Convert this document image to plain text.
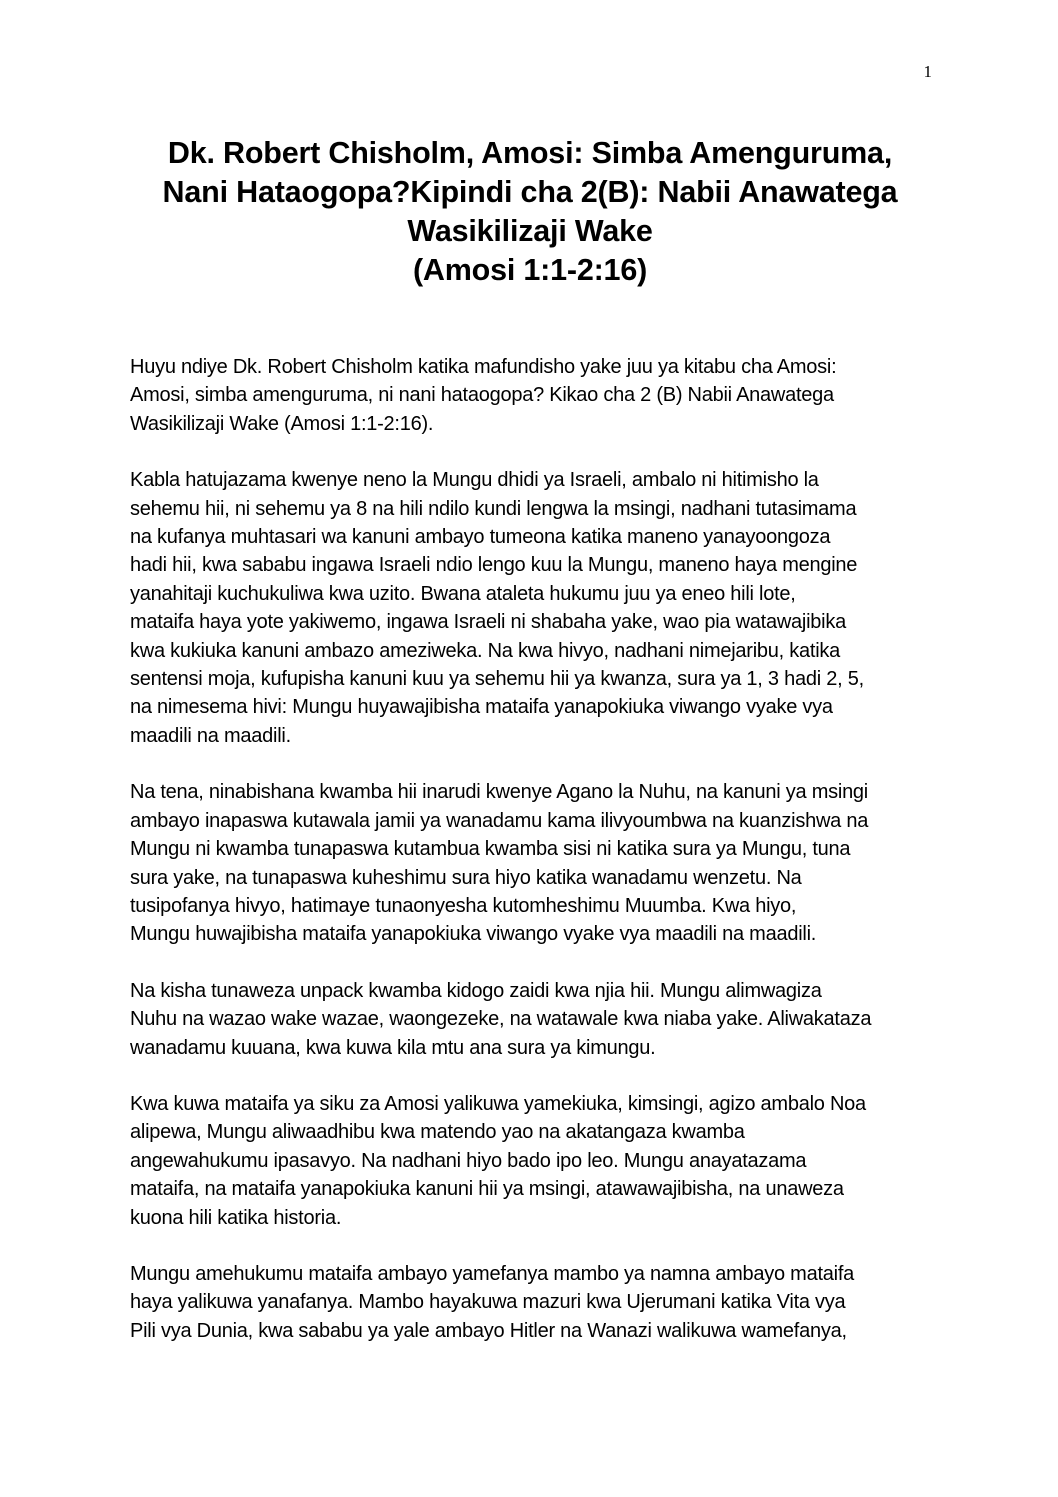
1

Dk. Robert Chisholm, Amosi: Simba Amenguruma,
Nani Hataogopa?Kipindi cha 2(B): Nabii Anawatega
Wasikilizaji Wake
(Amosi 1:1-2:16)

Huyu ndiye Dk. Robert Chisholm katika mafundisho yake juu ya kitabu cha Amosi:
Amosi, simba amenguruma, ni nani hataogopa? Kikao cha 2 (B) Nabii Anawatega
Wasikilizaji Wake (Amosi 1:1-2:16).

Kabla hatujazama kwenye neno la Mungu dhidi ya Israeli, ambalo ni hitimisho la
sehemu hii, ni sehemu ya 8 na hili ndilo kundi lengwa la msingi, nadhani tutasimama
na kufanya muhtasari wa kanuni ambayo tumeona katika maneno yanayoongoza
hadi hii, kwa sababu ingawa Israeli ndio lengo kuu la Mungu, maneno haya mengine
yanahitaji kuchukuliwa kwa uzito. Bwana ataleta hukumu juu ya eneo hili lote,
mataifa haya yote yakiwemo, ingawa Israeli ni shabaha yake, wao pia watawajibika
kwa kukiuka kanuni ambazo ameziweka. Na kwa hivyo, nadhani nimejaribu, katika
sentensi moja, kufupisha kanuni kuu ya sehemu hii ya kwanza, sura ya 1, 3 hadi 2, 5,
na nimesema hivi: Mungu huyawajibisha mataifa yanapokiuka viwango vyake vya
maadili na maadili.

Na tena, ninabishana kwamba hii inarudi kwenye Agano la Nuhu, na kanuni ya msingi
ambayo inapaswa kutawala jamii ya wanadamu kama ilivyoumbwa na kuanzishwa na
Mungu ni kwamba tunapaswa kutambua kwamba sisi ni katika sura ya Mungu, tuna
sura yake, na tunapaswa kuheshimu sura hiyo katika wanadamu wenzetu. Na
tusipofanya hivyo, hatimaye tunaonyesha kutomheshimu Muumba. Kwa hiyo,
Mungu huwajibisha mataifa yanapokiuka viwango vyake vya maadili na maadili.

Na kisha tunaweza unpack kwamba kidogo zaidi kwa njia hii. Mungu alimwagiza
Nuhu na wazao wake wazae, waongezeke, na watawale kwa niaba yake. Aliwakataza
wanadamu kuuana, kwa kuwa kila mtu ana sura ya kimungu.

Kwa kuwa mataifa ya siku za Amosi yalikuwa yamekiuka, kimsingi, agizo ambalo Noa
alipewa, Mungu aliwaadhibu kwa matendo yao na akatangaza kwamba
angewahukumu ipasavyo. Na nadhani hiyo bado ipo leo. Mungu anayatazama
mataifa, na mataifa yanapokiuka kanuni hii ya msingi, atawawajibisha, na unaweza
kuona hili katika historia.

Mungu amehukumu mataifa ambayo yamefanya mambo ya namna ambayo mataifa
haya yalikuwa yanafanya. Mambo hayakuwa mazuri kwa Ujerumani katika Vita vya
Pili vya Dunia, kwa sababu ya yale ambayo Hitler na Wanazi walikuwa wamefanya,
